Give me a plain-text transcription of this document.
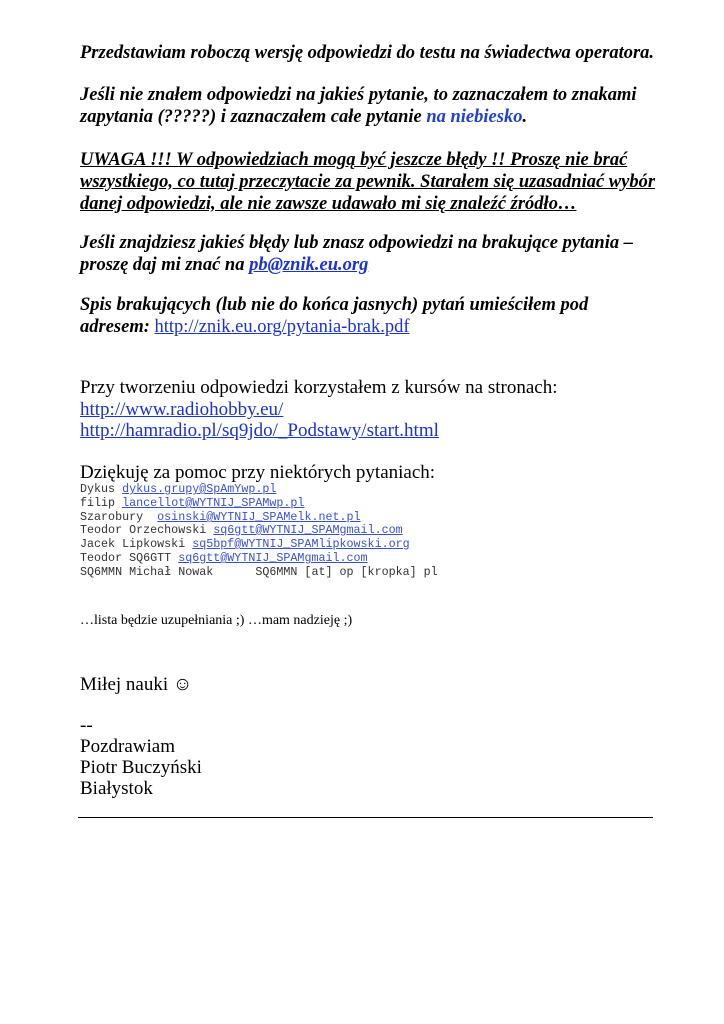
Przedstawiam roboczą wersję odpowiedzi do testu na świadectwa operatora.
Jeśli nie znałem odpowiedzi na jakieś pytanie, to zaznaczałem to znakami zapytania (?????) i zaznaczałem całe pytanie na niebiesko.
UWAGA !!! W odpowiedziach mogą być jeszcze błędy !! Proszę nie brać wszystkiego, co tutaj przeczytacie za pewnik. Starałem się uzasadniać wybór danej odpowiedzi, ale nie zawsze udawało mi się znaleźć źródło…
Jeśli znajdziesz jakieś błędy lub znasz odpowiedzi na brakujące pytania – proszę daj mi znać na pb@znik.eu.org
Spis brakujących (lub nie do końca jasnych) pytań umieściłem pod adresem: http://znik.eu.org/pytania-brak.pdf
Przy tworzeniu odpowiedzi korzystałem z kursów na stronach:
http://www.radiohobby.eu/
http://hamradio.pl/sq9jdo/_Podstawy/start.html
Dziękuję za pomoc przy niektórych pytaniach:
Dykus dykus.grupy@SpAmYwp.pl
filip lancellot@WYTNIJ_SPAMwp.pl
Szarobury  osinski@WYTNIJ_SPAMelk.net.pl
Teodor Orzechowski sq6gtt@WYTNIJ_SPAMgmail.com
Jacek Lipkowski sq5bpf@WYTNIJ_SPAMlipkowski.org
Teodor SQ6GTT sq6gtt@WYTNIJ_SPAMgmail.com
SQ6MMN Michał Nowak      SQ6MMN [at] op [kropka] pl
…lista będzie uzupełniania ;) …mam nadzieję ;)
Miłej nauki ☺
--
Pozdrawiam
Piotr Buczyński
Białystok
